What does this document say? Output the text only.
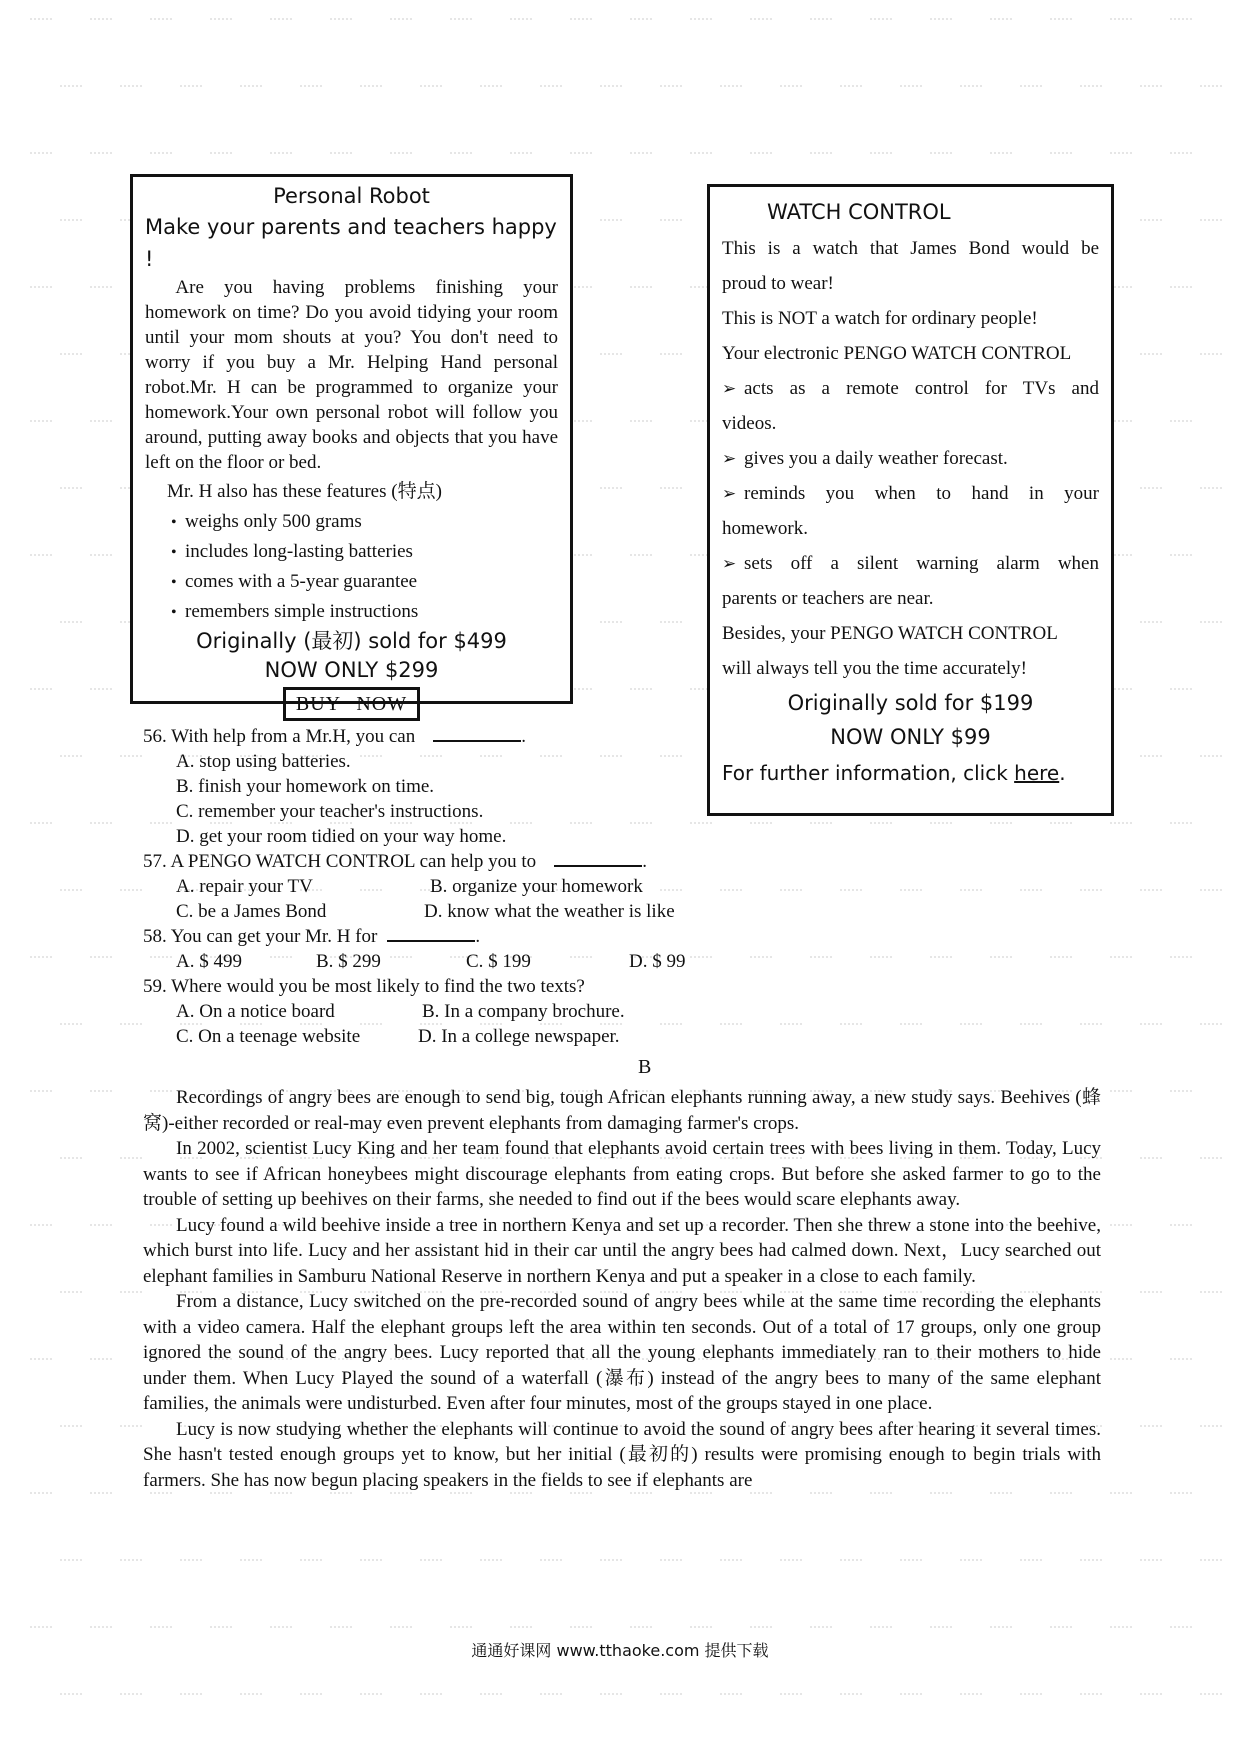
Personal Robot
Make your parents and teachers happy !

Are you having problems finishing your homework on time? Do you avoid tidying your room until your mom shouts at you? You don't need to worry if you buy a Mr. Helping Hand personal robot.Mr. H can be programmed to organize your homework.Your own personal robot will follow you around, putting away books and objects that you have left on the floor or bed.

Mr. H also has these features (特点)
• weighs only 500 grams
• includes long-lasting batteries
• comes with a 5-year guarantee
• remembers simple instructions
Originally (最初) sold for $499
NOW ONLY $299
BUY NOW
WATCH CONTROL
This is a watch that James Bond would be
proud to wear!
This is NOT a watch for ordinary people!
Your electronic PENGO WATCH CONTROL
➢ acts as a remote control for TVs and
videos.
➢ gives you a daily weather forecast.
➢ reminds you when to hand in your
homework.
➢ sets off a silent warning alarm when
parents or teachers are near.
Besides, your PENGO WATCH CONTROL
will always tell you the time accurately!
Originally sold for $199
NOW ONLY $99
For further information, click here.
56. With help from a Mr.H, you can	.
A. stop using batteries.
B. finish your homework on time.
C. remember your teacher's instructions.
D. get your room tidied on your way home.
57. A PENGO WATCH CONTROL can help you to	.
A. repair your TV	B. organize your homework
C. be a James Bond	D. know what the weather is like
58. You can get your Mr. H for	.
A. $ 499	B. $ 299	C. $ 199	D. $ 99
59. Where would you be most likely to find the two texts?
A. On a notice board	B. In a company brochure.
C. On a teenage website	D. In a college newspaper.
B

Recordings of angry bees are enough to send big, tough African elephants running away, a new study says. Beehives (蜂窝)-either recorded or real-may even prevent elephants from damaging farmer's crops.

In 2002, scientist Lucy King and her team found that elephants avoid certain trees with bees living in them. Today, Lucy wants to see if African honeybees might discourage elephants from eating crops. But before she asked farmer to go to the trouble of setting up beehives on their farms, she needed to find out if the bees would scare elephants away.

Lucy found a wild beehive inside a tree in northern Kenya and set up a recorder. Then she threw a stone into the beehive, which burst into life. Lucy and her assistant hid in their car until the angry bees had calmed down. Next，Lucy searched out elephant families in Samburu National Reserve in northern Kenya and put a speaker in a close to each family.

From a distance, Lucy switched on the pre-recorded sound of angry bees while at the same time recording the elephants with a video camera. Half the elephant groups left the area within ten seconds. Out of a total of 17 groups, only one group ignored the sound of the angry bees. Lucy reported that all the young elephants immediately ran to their mothers to hide under them. When Lucy Played the sound of a waterfall (瀑布) instead of the angry bees to many of the same elephant families, the animals were undisturbed. Even after four minutes, most of the groups stayed in one place.

Lucy is now studying whether the elephants will continue to avoid the sound of angry bees after hearing it several times. She hasn't tested enough groups yet to know, but her initial (最初的) results were promising enough to begin trials with farmers. She has now begun placing speakers in the fields to see if elephants are

通通好课网 www.tthaoke.com 提供下载
